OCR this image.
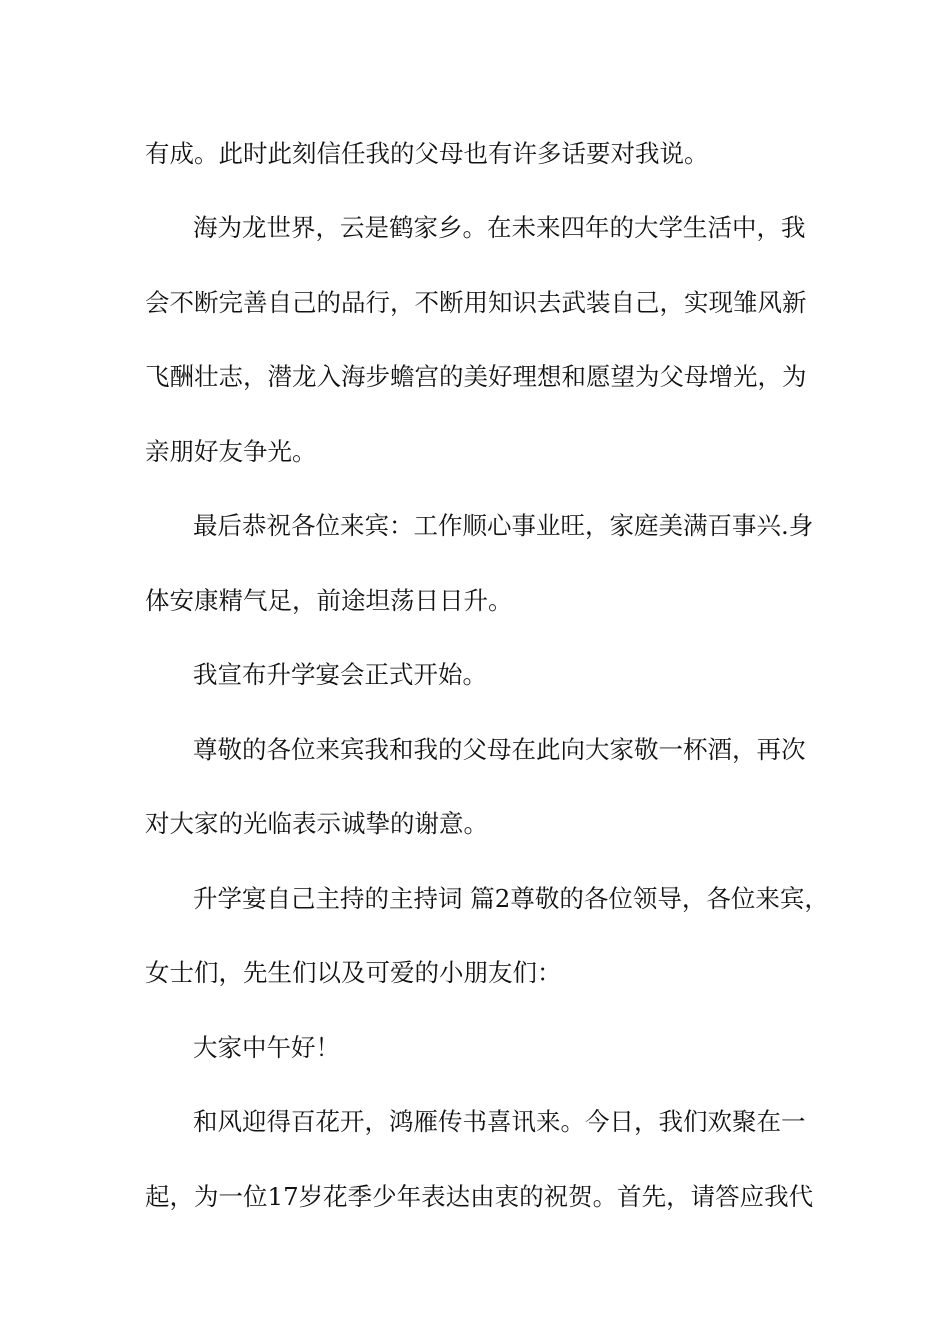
有成。此时此刻信任我的父母也有许多话要对我说。
海为龙世界，云是鹤家乡。在未来四年的大学生活中，我
会不断完善自己的品行，不断用知识去武装自己，实现雏风新
飞酬壮志，潜龙入海步蟾宫的美好理想和愿望为父母增光，为
亲朋好友争光。
最后恭祝各位来宾：工作顺心事业旺，家庭美满百事兴.身
体安康精气足，前途坦荡日日升。
我宣布升学宴会正式开始。
尊敬的各位来宾我和我的父母在此向大家敬一杯酒，再次
对大家的光临表示诚挚的谢意。
升学宴自己主持的主持词 篇2尊敬的各位领导，各位来宾，
女士们，先生们以及可爱的小朋友们：
大家中午好！
和风迎得百花开，鸿雁传书喜讯来。今日，我们欢聚在一
起，为一位17岁花季少年表达由衷的祝贺。首先，请答应我代
